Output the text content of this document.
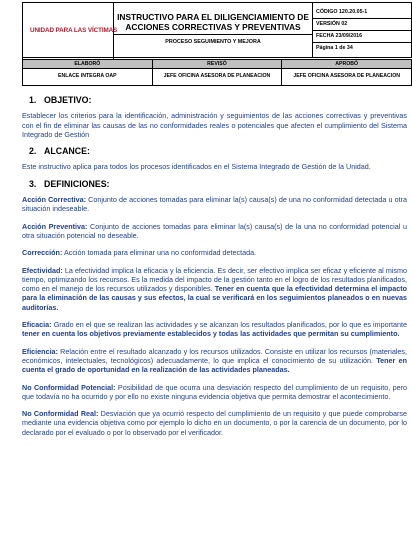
UNIDAD PARA LAS VÍCTIMAS

INSTRUCTIVO PARA EL DILIGENCIAMIENTO DE ACCIONES CORRECTIVAS Y PREVENTIVAS
PROCESO SEGUIMIENTO Y MEJORA

CÓDIGO 120.20.05-1
VERSIÓN 02
FECHA 23/09/2016
Página 1 de 34

ELABORÓ	REVISÓ	APROBÓ
ENLACE INTEGRA OAP	JEFE OFICINA ASESORA DE PLANEACION	JEFE OFICINA ASESORA DE PLANEACION
1. OBJETIVO:

Establecer los criterios para la identificación, administración y seguimientos de las acciones correctivas y preventivas con el fin de eliminar las causas de las no conformidades reales o potenciales que afecten el cumplimiento del Sistema Integrado de Gestión

2. ALCANCE:

Este instructivo aplica para todos los procesos identificados en el Sistema Integrado de Gestión de la Unidad.

3. DEFINICIONES:

Acción Correctiva: Conjunto de acciones tomadas para eliminar la(s) causa(s) de una no conformidad detectada u otra situación indeseable.

Acción Preventiva: Conjunto de acciones tomadas para eliminar la(s) causa(s) de la una no conformidad potencial u otra situación potencial no deseable.

Corrección: Acción tomada para eliminar una no conformidad detectada.

Efectividad: La efectividad implica la eficacia y la eficiencia. Es decir, ser efectivo implica ser eficaz y eficiente al mismo tiempo, optimizando los recursos. Es la medida del impacto de la gestión tanto en el logro de los resultados planificados, como en el manejo de los recursos utilizados y disponibles. Tener en cuenta que la efectividad determina el impacto para la eliminación de las causas y sus efectos, la cual se verificará en los seguimientos planeados o en nuevas auditorías.

Eficacia: Grado en el que se realizan las actividades y se alcanzan los resultados planificados, por lo que es importante tener en cuenta los objetivos previamente establecidos y todas las actividades que permitan su cumplimiento.

Eficiencia: Relación entre el resultado alcanzado y los recursos utilizados. Consiste en utilizar los recursos (materiales, económicos, intelectuales, tecnológicos) adecuadamente, lo que implica el conocimiento de su utilización. Tener en cuenta el grado de oportunidad en la realización de las actividades planeadas.

No Conformidad Potencial: Posibilidad de que ocurra una desviación respecto del cumplimiento de un requisito, pero que todavía no ha ocurrido y por ello no existe ninguna evidencia objetiva que permita demostrar el acontecimiento.

No Conformidad Real: Desviación que ya ocurrió respecto del cumplimiento de un requisito y que puede comprobarse mediante una evidencia objetiva como por ejemplo lo dicho en un documento, o por la carencia de un documento, por lo declarado por el evaluado o por lo observado por el verificador.
